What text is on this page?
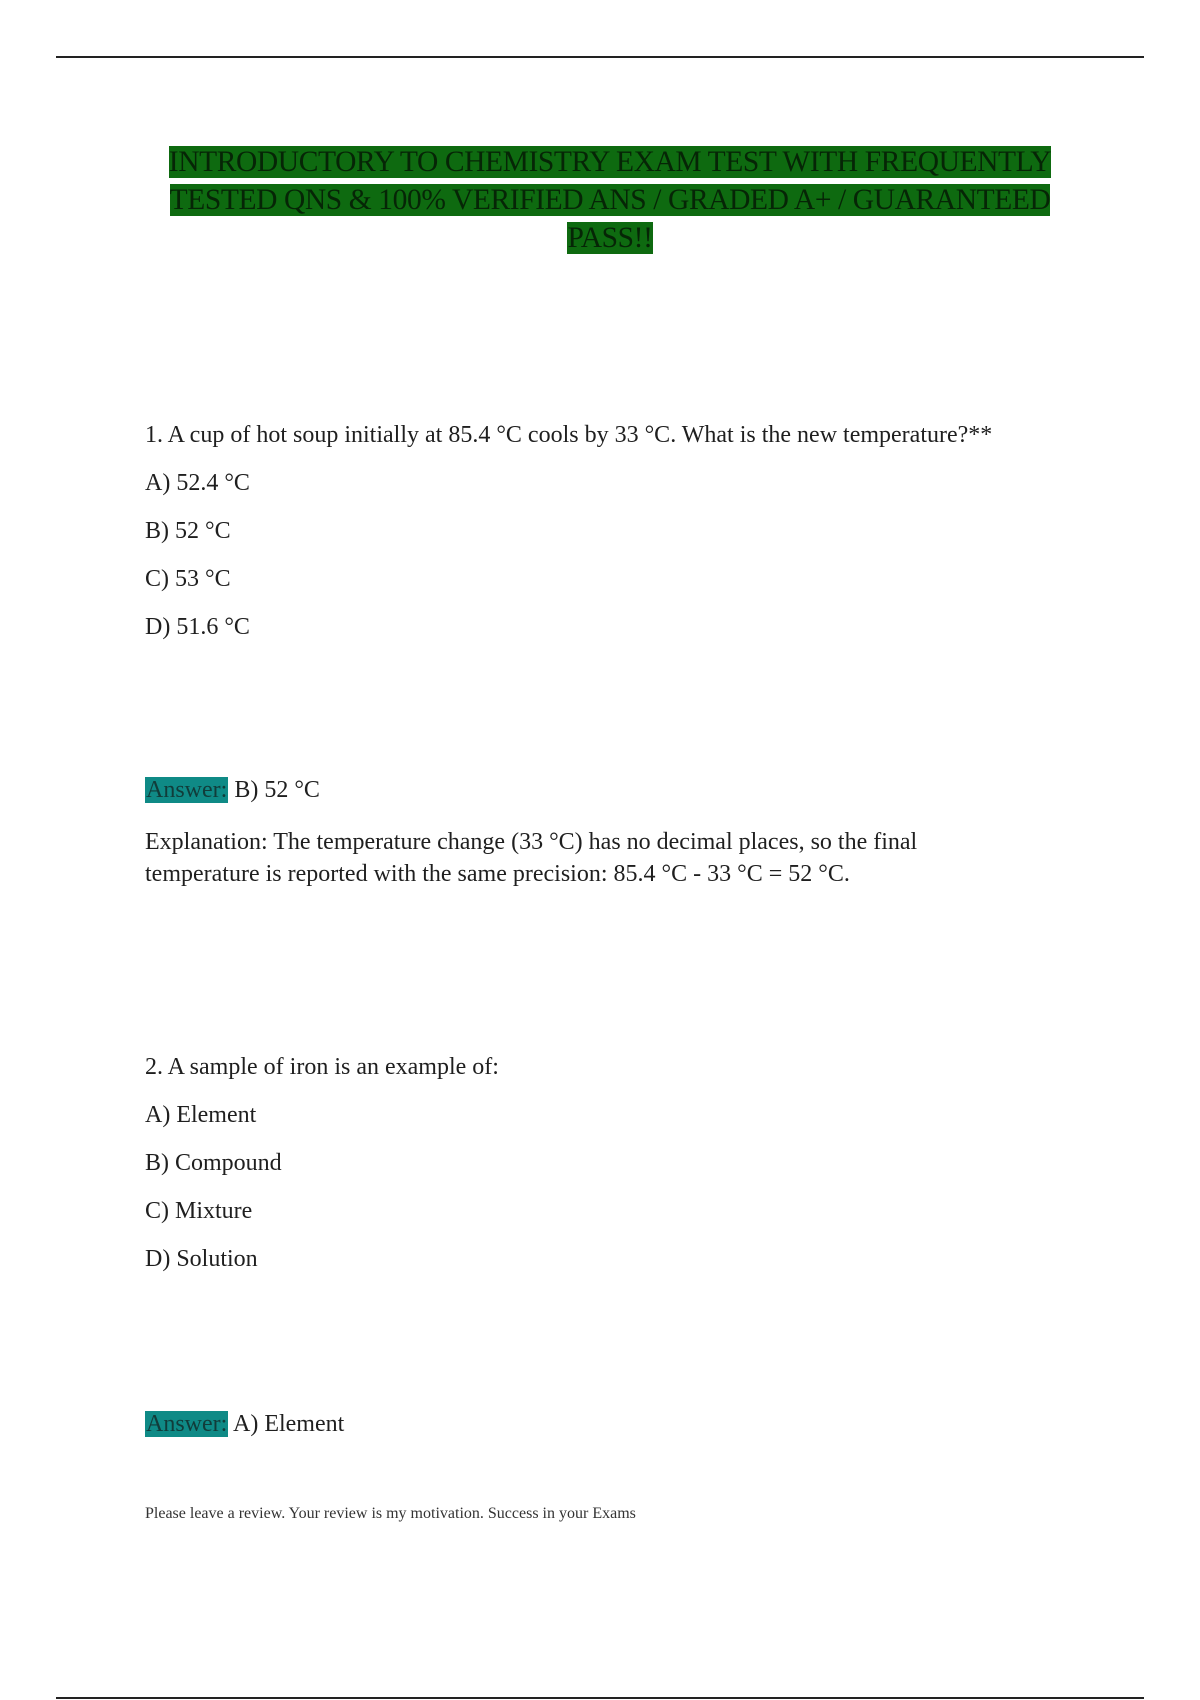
INTRODUCTORY TO CHEMISTRY EXAM TEST WITH FREQUENTLY
TESTED QNS & 100% VERIFIED ANS / GRADED A+ / GUARANTEED
PASS!!
1. A cup of hot soup initially at 85.4 °C cools by 33 °C. What is the new temperature?**
A) 52.4 °C
B) 52 °C
C) 53 °C
D) 51.6 °C
Answer: B) 52 °C
Explanation: The temperature change (33 °C) has no decimal places, so the final temperature is reported with the same precision: 85.4 °C - 33 °C = 52 °C.
2. A sample of iron is an example of:
A) Element
B) Compound
C) Mixture
D) Solution
Answer: A) Element
Please leave a review. Your review is my motivation. Success in your Exams
